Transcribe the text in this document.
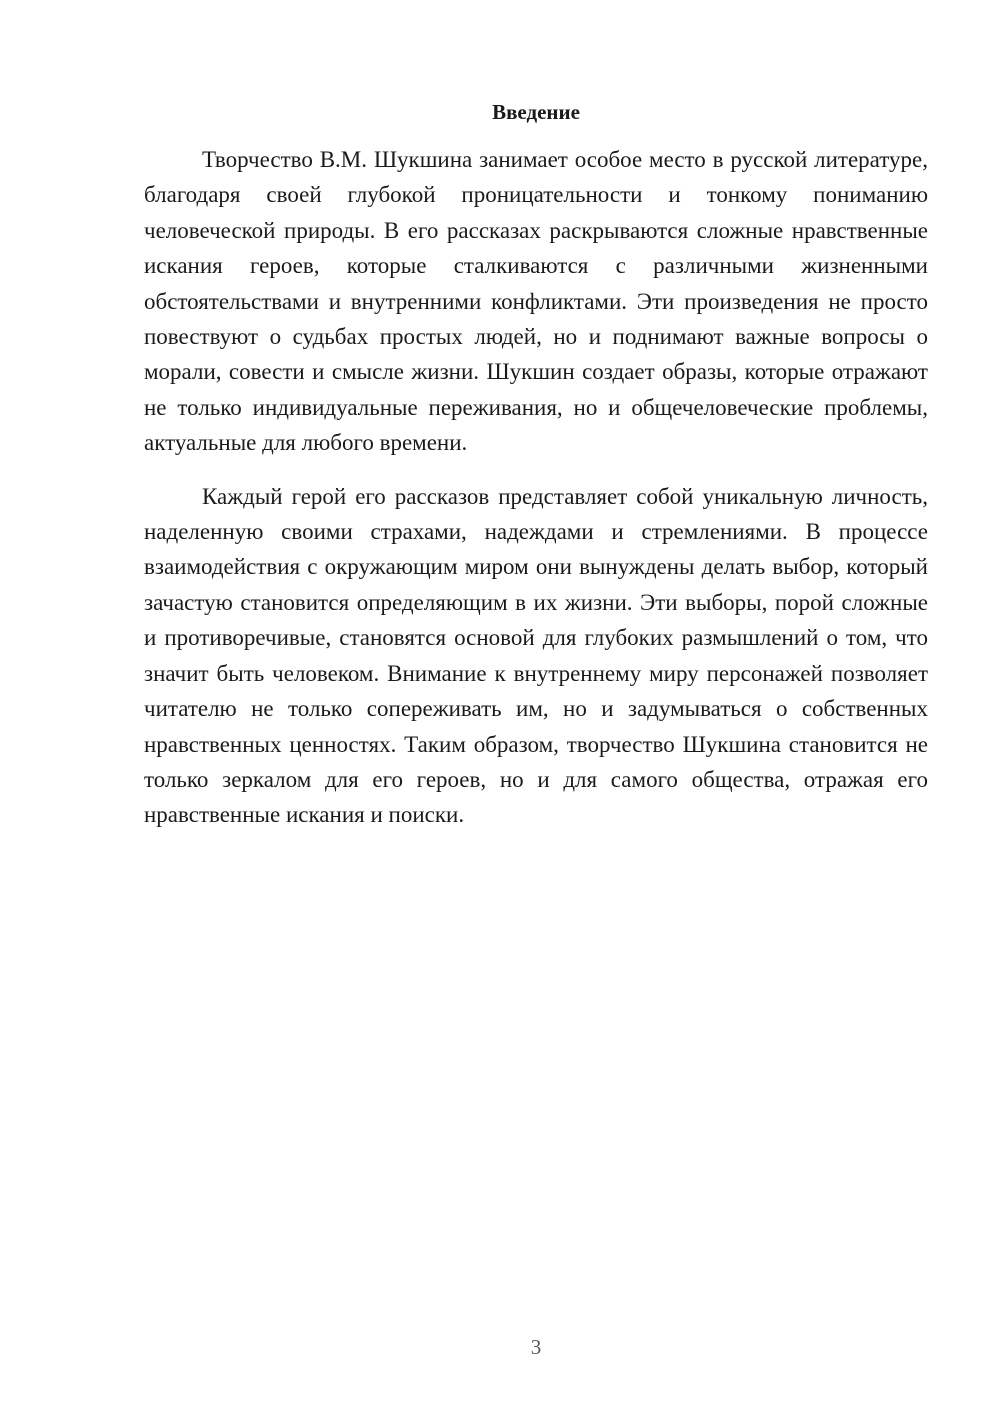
Введение

Творчество В.М. Шукшина занимает особое место в русской литературе, благодаря своей глубокой проницательности и тонкому пониманию человеческой природы. В его рассказах раскрываются сложные нравственные искания героев, которые сталкиваются с различными жизненными обстоятельствами и внутренними конфликтами. Эти произведения не просто повествуют о судьбах простых людей, но и поднимают важные вопросы о морали, совести и смысле жизни. Шукшин создает образы, которые отражают не только индивидуальные переживания, но и общечеловеческие проблемы, актуальные для любого времени.

Каждый герой его рассказов представляет собой уникальную личность, наделенную своими страхами, надеждами и стремлениями. В процессе взаимодействия с окружающим миром они вынуждены делать выбор, который зачастую становится определяющим в их жизни. Эти выборы, порой сложные и противоречивые, становятся основой для глубоких размышлений о том, что значит быть человеком. Внимание к внутреннему миру персонажей позволяет читателю не только сопереживать им, но и задумываться о собственных нравственных ценностях. Таким образом, творчество Шукшина становится не только зеркалом для его героев, но и для самого общества, отражая его нравственные искания и поиски.

3
